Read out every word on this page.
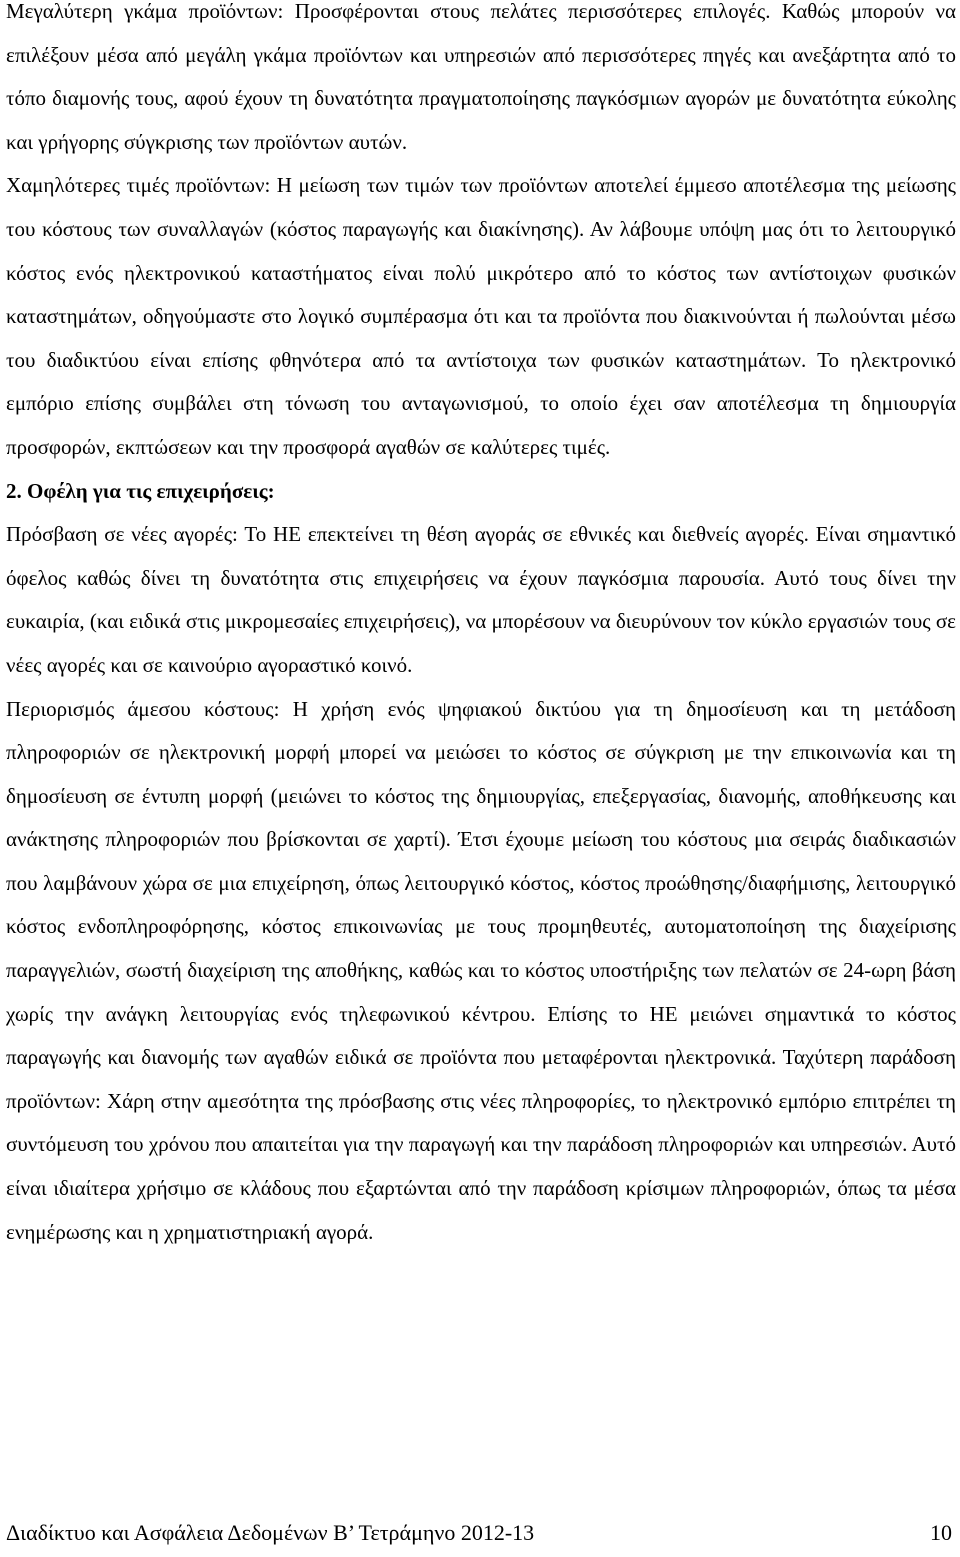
Μεγαλύτερη γκάμα προϊόντων: Προσφέρονται στους πελάτες περισσότερες επιλογές. Καθώς μπορούν να επιλέξουν μέσα από μεγάλη γκάμα προϊόντων και υπηρεσιών από περισσότερες πηγές και ανεξάρτητα από το τόπο διαμονής τους, αφού έχουν τη δυνατότητα πραγματοποίησης παγκόσμιων αγορών με δυνατότητα εύκολης και γρήγορης σύγκρισης των προϊόντων αυτών.

Χαμηλότερες τιμές προϊόντων: Η μείωση των τιμών των προϊόντων αποτελεί έμμεσο αποτέλεσμα της μείωσης του κόστους των συναλλαγών (κόστος παραγωγής και διακίνησης). Αν λάβουμε υπόψη μας ότι το λειτουργικό κόστος ενός ηλεκτρονικού καταστήματος είναι πολύ μικρότερο από το κόστος των αντίστοιχων φυσικών καταστημάτων, οδηγούμαστε στο λογικό συμπέρασμα ότι και τα προϊόντα που διακινούνται ή πωλούνται μέσω του διαδικτύου είναι επίσης φθηνότερα από τα αντίστοιχα των φυσικών καταστημάτων. Το ηλεκτρονικό εμπόριο επίσης συμβάλει στη τόνωση του ανταγωνισμού, το οποίο έχει σαν αποτέλεσμα τη δημιουργία προσφορών, εκπτώσεων και την προσφορά αγαθών σε καλύτερες τιμές.

2. Οφέλη για τις επιχειρήσεις:

Πρόσβαση σε νέες αγορές: Το ΗΕ επεκτείνει τη θέση αγοράς σε εθνικές και διεθνείς αγορές. Είναι σημαντικό όφελος καθώς δίνει τη δυνατότητα στις επιχειρήσεις να έχουν παγκόσμια παρουσία. Αυτό τους δίνει την ευκαιρία, (και ειδικά στις μικρομεσαίες επιχειρήσεις), να μπορέσουν να διευρύνουν τον κύκλο εργασιών τους σε νέες αγορές και σε καινούριο αγοραστικό κοινό.

Περιορισμός άμεσου κόστους: Η χρήση ενός ψηφιακού δικτύου για τη δημοσίευση και τη μετάδοση πληροφοριών σε ηλεκτρονική μορφή μπορεί να μειώσει το κόστος σε σύγκριση με την επικοινωνία και τη δημοσίευση σε έντυπη μορφή (μειώνει το κόστος της δημιουργίας, επεξεργασίας, διανομής, αποθήκευσης και ανάκτησης πληροφοριών που βρίσκονται σε χαρτί). Έτσι έχουμε μείωση του κόστους μια σειράς διαδικασιών που λαμβάνουν χώρα σε μια επιχείρηση, όπως λειτουργικό κόστος, κόστος προώθησης/διαφήμισης, λειτουργικό κόστος ενδοπληροφόρησης, κόστος επικοινωνίας με τους προμηθευτές, αυτοματοποίηση της διαχείρισης παραγγελιών, σωστή διαχείριση της αποθήκης, καθώς και το κόστος υποστήριξης των πελατών σε 24-ωρη βάση χωρίς την ανάγκη λειτουργίας ενός τηλεφωνικού κέντρου. Επίσης το ΗΕ μειώνει σημαντικά το κόστος παραγωγής και διανομής των αγαθών ειδικά σε προϊόντα που μεταφέρονται ηλεκτρονικά. Ταχύτερη παράδοση προϊόντων: Χάρη στην αμεσότητα της πρόσβασης στις νέες πληροφορίες, το ηλεκτρονικό εμπόριο επιτρέπει τη συντόμευση του χρόνου που απαιτείται για την παραγωγή και την παράδοση πληροφοριών και υπηρεσιών. Αυτό είναι ιδιαίτερα χρήσιμο σε κλάδους που εξαρτώνται από την παράδοση κρίσιμων πληροφοριών, όπως τα μέσα ενημέρωσης και η χρηματιστηριακή αγορά.

Διαδίκτυο και Ασφάλεια Δεδομένων Β’ Τετράμηνο 2012-13	10
